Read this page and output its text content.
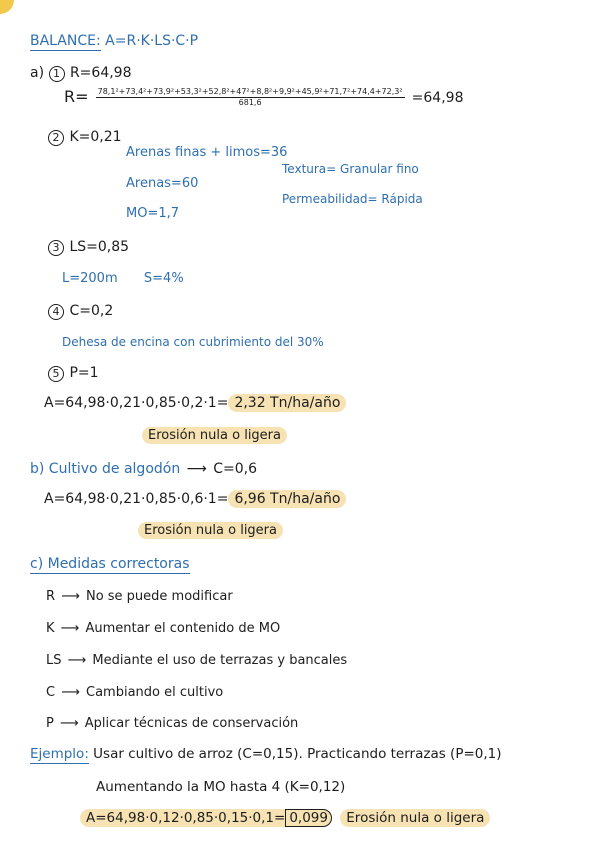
BALANCE: A=R·K·LS·C·P
a) 1 R=64,98
R= 78,1²+73,4²+73,9²+53,3²+52,8²+47²+8,8²+9,9²+45,9²+71,7²+74,4+72,3²
681,6	=64,98
2 K=0,21
Arenas finas + limos=36
Arenas=60
MO=1,7
Textura= Granular fino
Permeabilidad= Rápida
3 LS=0,85
L=200m S=4%
4 C=0,2
Dehesa de encina con cubrimiento del 30%
5 P=1
A=64,98·0,21·0,85·0,2·1= 2,32 Tn/ha/año
Erosión nula o ligera
b) Cultivo de algodón ⟶ C=0,6
A=64,98·0,21·0,85·0,6·1= 6,96 Tn/ha/año
Erosión nula o ligera
c) Medidas correctoras
R ⟶ No se puede modificar
K ⟶ Aumentar el contenido de MO
LS ⟶ Mediante el uso de terrazas y bancales
C ⟶ Cambiando el cultivo
P ⟶ Aplicar técnicas de conservación
Ejemplo: Usar cultivo de arroz (C=0,15). Practicando terrazas (P=0,1)
Aumentando la MO hasta 4 (K=0,12)
A=64,98·0,12·0,85·0,15·0,1= 0,099 Erosión nula o ligera
